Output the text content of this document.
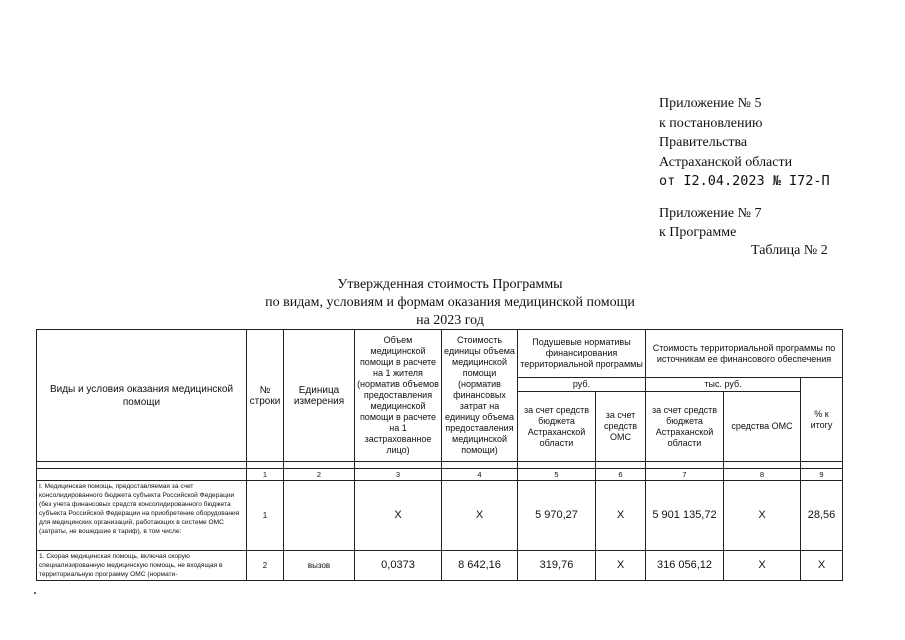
Приложение № 5
к постановлению
Правительства
Астраханской области
от I2.04.2023 № I72-П
Приложение № 7
к Программе
Таблица № 2
Утвержденная стоимость Программы
по видам, условиям и формам оказания медицинской помощи
на 2023 год
Виды и условия оказания медицинской помощи	№ строки	Единица измерения	Объем медицинской помощи в расчете на 1 жителя (норматив объемов предоставления медицинской помощи в расчете на 1 застрахованное лицо)	Стоимость единицы объема медицинской помощи (норматив финансовых затрат на единицу объема предоставления медицинской помощи)	Подушевые нормативы финансирования территориальной программы		Стоимость территориальной программы по источникам ее финансового обеспечения		
					руб.		тыс. руб.		% к итогу
					за счет средств бюджета Астраханской области	за счет средств ОМС	за счет средств бюджета Астраханской области	средства ОМС	

	1	2	3	4	5	6	7	8	9
I. Медицинская помощь, предоставляемая за счет консолидированного бюджета субъекта Российской Федерации (без учета финансовых средств консолидированного бюджета субъекта Российской Федерации на приобретение оборудования для медицинских организаций, работающих в системе ОМС (затраты, не вошедшие в тариф), в том числе:	1		X	X	5 970,27	X	5 901 135,72	X	28,56
1. Скорая медицинская помощь, включая скорую специализированную медицинскую помощь, не входящая в территориальную программу ОМС (нормати-	2	вызов	0,0373	8 642,16	319,76	X	316 056,12	X	X
